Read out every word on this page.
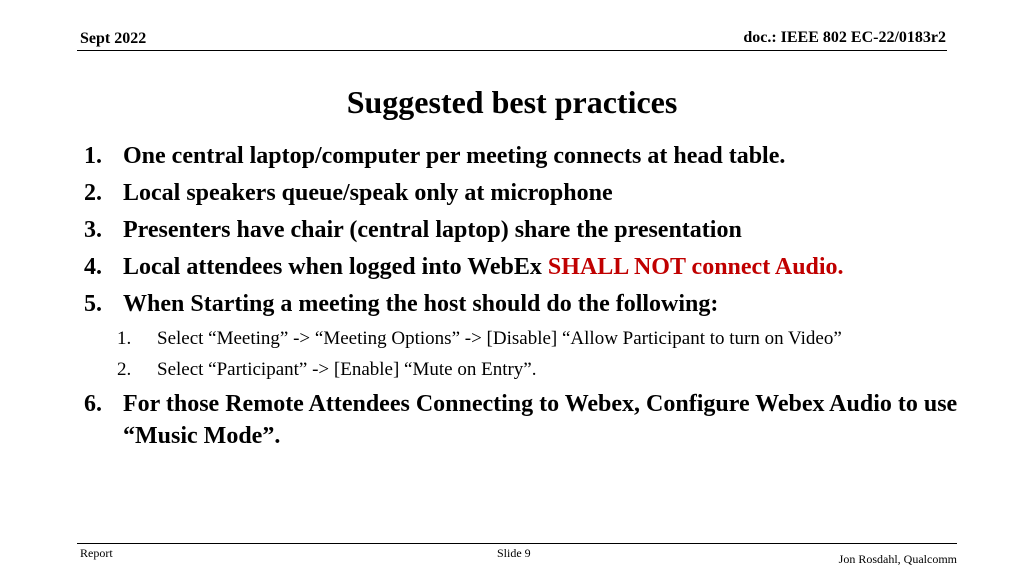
Sept 2022	doc.: IEEE 802 EC-22/0183r2
Suggested best practices
1. One central laptop/computer per meeting connects at head table.
2. Local speakers queue/speak only at microphone
3. Presenters have chair (central laptop) share the presentation
4. Local attendees when logged into WebEx SHALL NOT connect Audio.
5. When Starting a meeting the host should do the following:
1.	Select “Meeting” -> “Meeting Options” -> [Disable] “Allow Participant to turn on Video”
2.	Select “Participant” -> [Enable] “Mute on Entry”.
6. For those Remote Attendees Connecting to Webex, Configure Webex Audio to use “Music Mode”.
Report	Slide 9	Jon Rosdahl, Qualcomm
